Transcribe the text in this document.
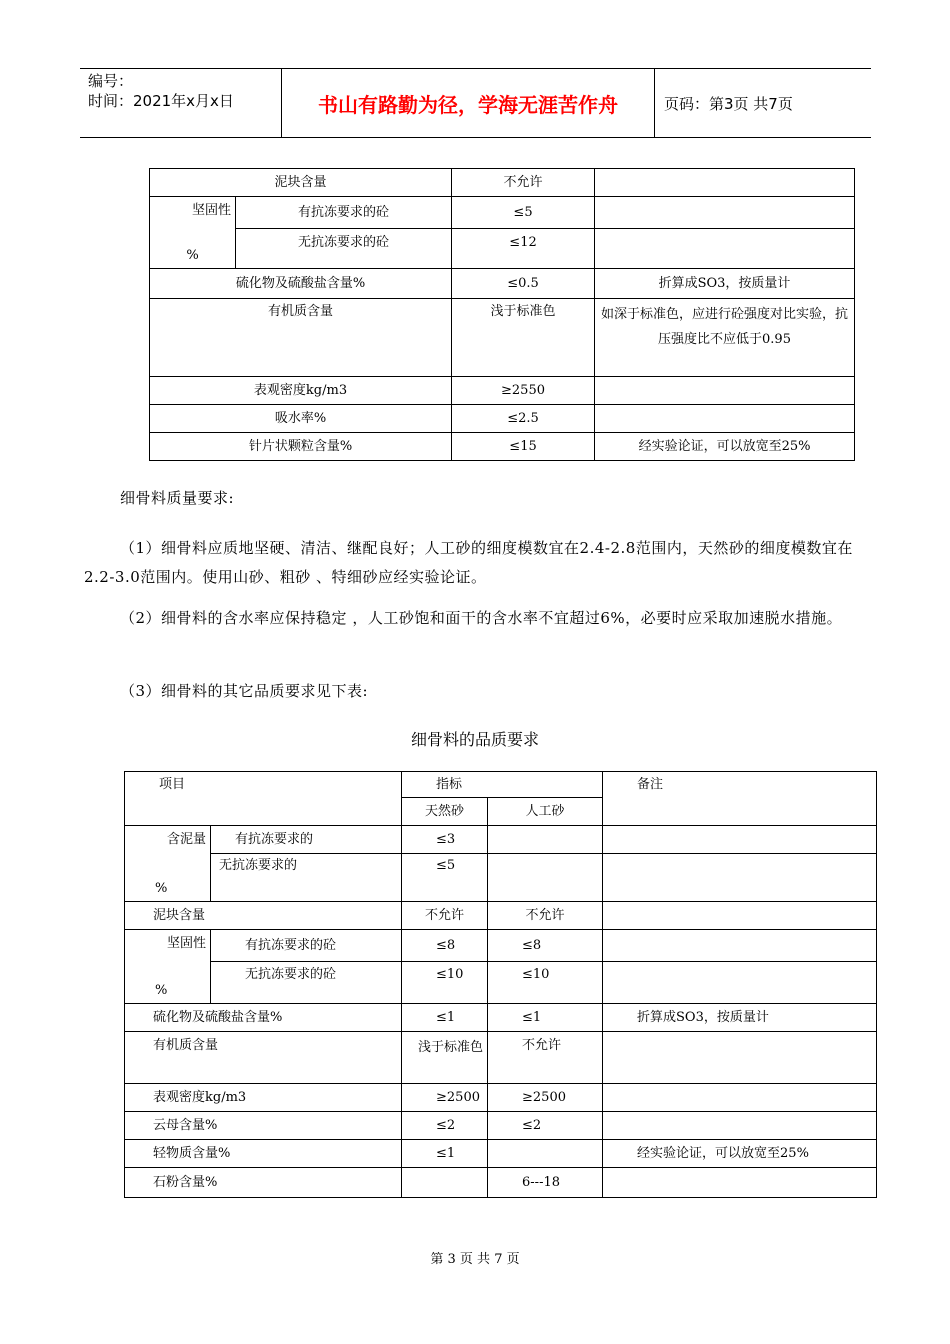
编号：
时间：2021年x月x日	书山有路勤为径，学海无涯苦作舟	页码：第3页 共7页
泥块含量		不允许	

坚固性
%	有抗冻要求的砼	≤5	
	无抗冻要求的砼	≤12	
硫化物及硫酸盐含量%		≤0.5	折算成SO3，按质量计
有机质含量		浅于标准色	如深于标准色，应进行砼强度对比实验，抗压强度比不应低于0.95
表观密度kg/m3		≥2550	
吸水率%		≤2.5	
针片状颗粒含量%		≤15	经实验论证，可以放宽至25%
细骨料质量要求:
（1）细骨料应质地坚硬、清洁、继配良好；人工砂的细度模数宜在2.4-2.8范围内，天然砂的细度模数宜在2.2-3.0范围内。使用山砂、粗砂 、特细砂应经实验论证。
（2）细骨料的含水率应保持稳定 ，人工砂饱和面干的含水率不宜超过6%，必要时应采取加速脱水措施。
（3）细骨料的其它品质要求见下表:
细骨料的品质要求
项目		指标		备注
		天然砂	人工砂	

含泥量
%	有抗冻要求的	≤3		
	无抗冻要求的	≤5		
泥块含量		不允许	不允许	

坚固性
%	有抗冻要求的砼	≤8	≤8	
	无抗冻要求的砼	≤10	≤10	
硫化物及硫酸盐含量%		≤1	≤1	折算成SO3，按质量计
有机质含量		浅于标准色	不允许	
表观密度kg/m3		≥2500	≥2500	
云母含量%		≤2	≤2	
轻物质含量%		≤1		经实验论证，可以放宽至25%
石粉含量%			6---18	
第 3 页 共 7 页
